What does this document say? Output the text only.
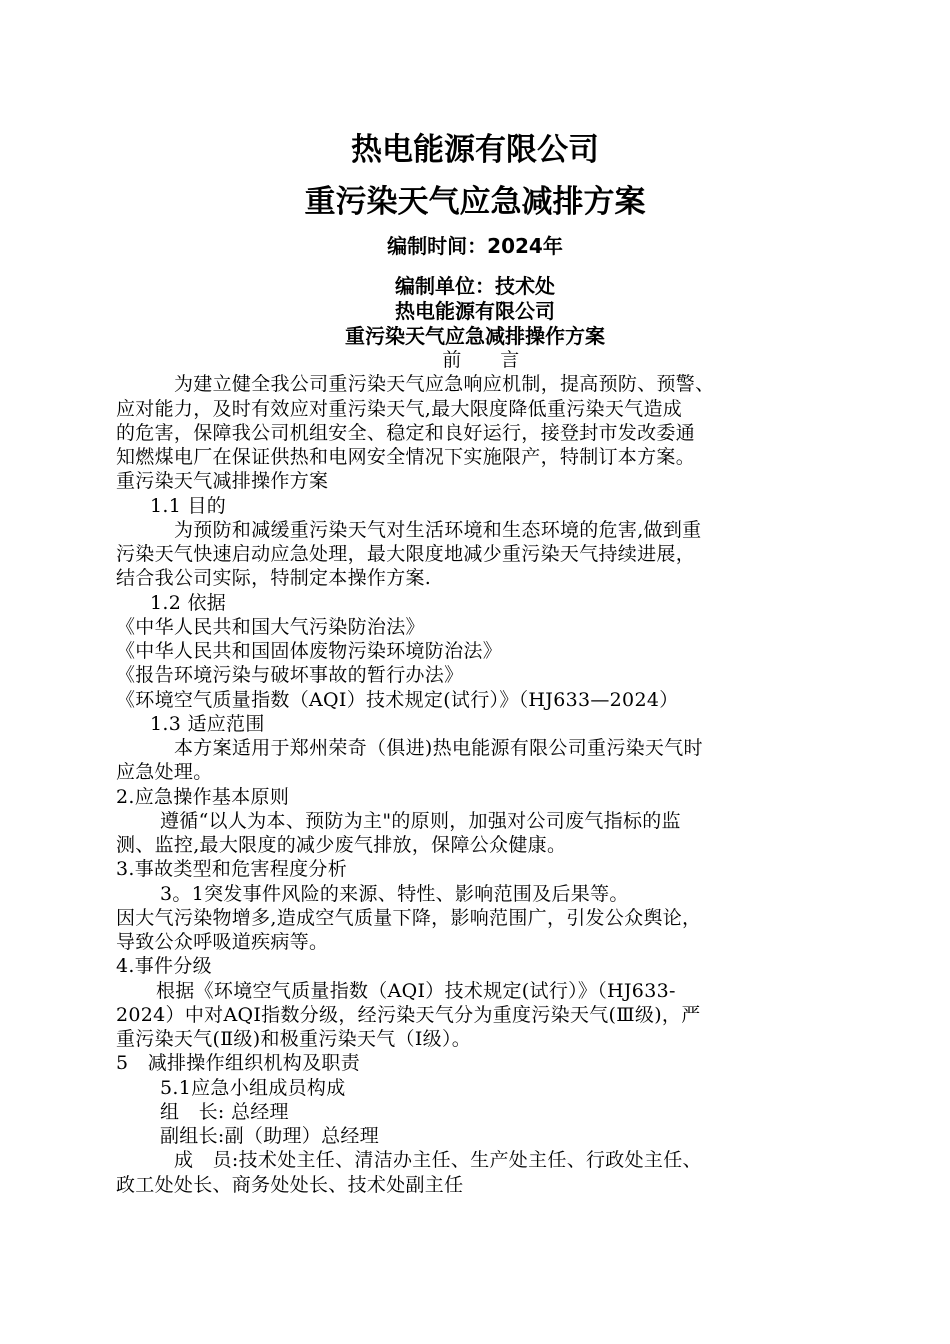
热电能源有限公司
重污染天气应急减排方案
编制时间：2024年
编制单位：技术处
热电能源有限公司
重污染天气应急减排操作方案

前　　言

为建立健全我公司重污染天气应急响应机制，提高预防、预警、

应对能力，及时有效应对重污染天气,最大限度降低重污染天气造成

的危害，保障我公司机组安全、稳定和良好运行，接登封市发改委通

知燃煤电厂在保证供热和电网安全情况下实施限产，特制订本方案。

重污染天气减排操作方案

1.1 目的

为预防和减缓重污染天气对生活环境和生态环境的危害,做到重

污染天气快速启动应急处理，最大限度地减少重污染天气持续进展，

结合我公司实际，特制定本操作方案.

1.2 依据

《中华人民共和国大气污染防治法》

《中华人民共和国固体废物污染环境防治法》

《报告环境污染与破坏事故的暂行办法》

《环境空气质量指数（AQI）技术规定(试行）》（HJ633—2024）

1.3 适应范围

本方案适用于郑州荣奇（俱进)热电能源有限公司重污染天气时

应急处理。

2.应急操作基本原则

遵循“以人为本、预防为主"的原则，加强对公司废气指标的监

测、监控,最大限度的减少废气排放，保障公众健康。

3.事故类型和危害程度分析

3。1突发事件风险的来源、特性、影响范围及后果等。

因大气污染物增多,造成空气质量下降，影响范围广，引发公众舆论，

导致公众呼吸道疾病等。

4.事件分级

根据《环境空气质量指数（AQI）技术规定(试行）》（HJ633-

2024）中对AQI指数分级，经污染天气分为重度污染天气(Ⅲ级)，严

重污染天气(Ⅱ级)和极重污染天气（Ⅰ级）。

5　减排操作组织机构及职责

5.1应急小组成员构成

组　长: 总经理

副组长:副（助理）总经理

成　员:技术处主任、清洁办主任、生产处主任、行政处主任、

政工处处长、商务处处长、技术处副主任
